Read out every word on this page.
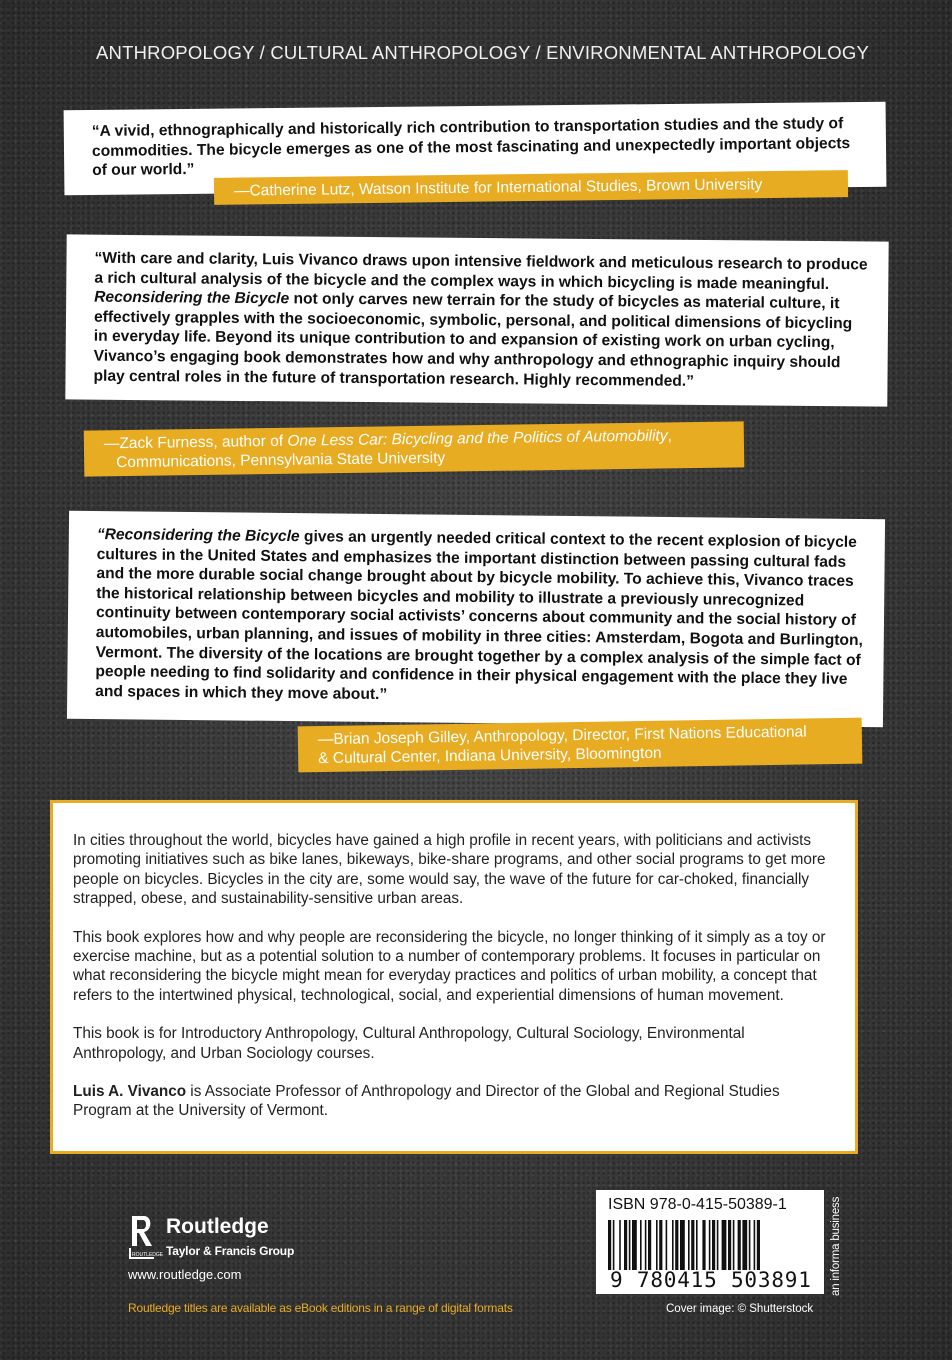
ANTHROPOLOGY / CULTURAL ANTHROPOLOGY / ENVIRONMENTAL ANTHROPOLOGY

“A vivid, ethnographically and historically rich contribution to transportation studies and the study of commodities. The bicycle emerges as one of the most fascinating and unexpectedly important objects of our world.”

—Catherine Lutz, Watson Institute for International Studies, Brown University

“With care and clarity, Luis Vivanco draws upon intensive fieldwork and meticulous research to produce a rich cultural analysis of the bicycle and the complex ways in which bicycling is made meaningful. Reconsidering the Bicycle not only carves new terrain for the study of bicycles as material culture, it effectively grapples with the socioeconomic, symbolic, personal, and political dimensions of bicycling in everyday life. Beyond its unique contribution to and expansion of existing work on urban cycling, Vivanco’s engaging book demonstrates how and why anthropology and ethnographic inquiry should play central roles in the future of transportation research. Highly recommended.”

—Zack Furness, author of One Less Car: Bicycling and the Politics of Automobility,
Communications, Pennsylvania State University

“Reconsidering the Bicycle gives an urgently needed critical context to the recent explosion of bicycle cultures in the United States and emphasizes the important distinction between passing cultural fads and the more durable social change brought about by bicycle mobility. To achieve this, Vivanco traces the historical relationship between bicycles and mobility to illustrate a previously unrecognized continuity between contemporary social activists’ concerns about community and the social history of automobiles, urban planning, and issues of mobility in three cities: Amsterdam, Bogota and Burlington, Vermont. The diversity of the locations are brought together by a complex analysis of the simple fact of people needing to find solidarity and confidence in their physical engagement with the place they live and spaces in which they move about.”

—Brian Joseph Gilley, Anthropology, Director, First Nations Educational
& Cultural Center, Indiana University, Bloomington

In cities throughout the world, bicycles have gained a high profile in recent years, with politicians and activists promoting initiatives such as bike lanes, bikeways, bike-share programs, and other social programs to get more people on bicycles. Bicycles in the city are, some would say, the wave of the future for car-choked, financially strapped, obese, and sustainability-sensitive urban areas.

This book explores how and why people are reconsidering the bicycle, no longer thinking of it simply as a toy or exercise machine, but as a potential solution to a number of contemporary problems. It focuses in particular on what reconsidering the bicycle might mean for everyday practices and politics of urban mobility, a concept that refers to the intertwined physical, technological, social, and experiential dimensions of human movement.

This book is for Introductory Anthropology, Cultural Anthropology, Cultural Sociology, Environmental Anthropology, and Urban Sociology courses.

Luis A. Vivanco is Associate Professor of Anthropology and Director of the Global and Regional Studies Program at the University of Vermont.

ROUTLEDGE
Routledge
Taylor & Francis Group
www.routledge.com
Routledge titles are available as eBook editions in a range of digital formats
ISBN 978-0-415-50389-1
9 780415 503891 an informa business
Cover image: © Shutterstock
